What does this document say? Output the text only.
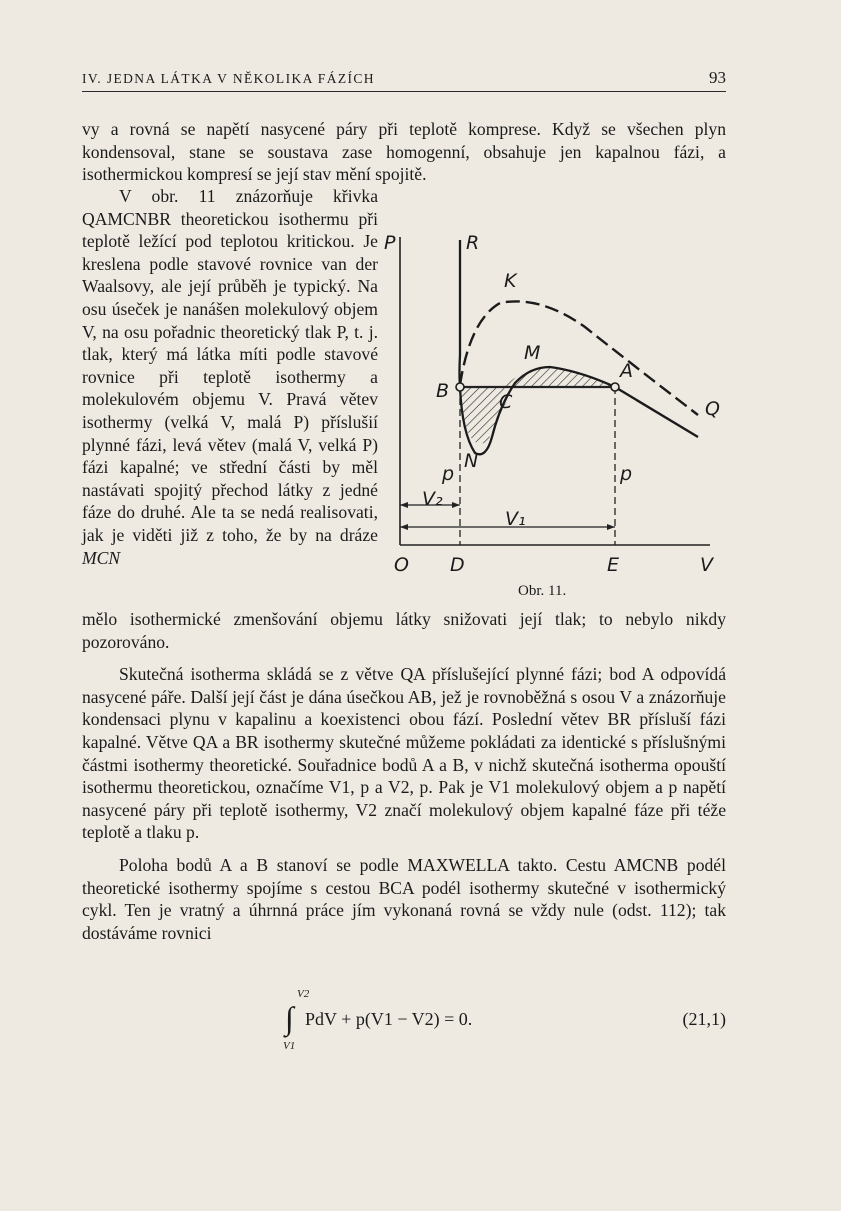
IV. JEDNA LÁTKA V NĚKOLIKA FÁZÍCH	93

vy a rovná se napětí nasycené páry při teplotě komprese. Když se všechen plyn kondensoval, stane se soustava zase homogenní, obsahuje jen kapalnou fázi, a isothermickou kompresí se její stav mění spojitě.

V obr. 11 znázorňuje křivka QAMCNBR theoretickou isothermu při teplotě ležící pod teplotou kritickou. Je kreslena podle stavové rovnice van der Waalsovy, ale její průběh je typický. Na osu úseček je nanášen molekulový objem V, na osu pořadnic theoretický tlak P, t. j. tlak, který má látka míti podle stavové rovnice při teplotě isothermy a molekulovém objemu V. Pravá větev isothermy (velká V, malá P) příslušií plynné fázi, levá větev (malá V, velká P) fázi kapalné; ve střední části by měl nastávati spojitý přechod látky z jedné fáze do druhé. Ale ta se nedá realisovati, jak je viděti již z toho, že by na dráze MCN

P	R
K
M
B	C
A
Q
N
p	p
V₂
V₁
O D	E	V
Obr. 11.

mělo isothermické zmenšování objemu látky snižovati její tlak; to nebylo nikdy pozorováno.

Skutečná isotherma skládá se z větve QA příslušející plynné fázi; bod A odpovídá nasycené páře. Další její část je dána úsečkou AB, jež je rovnoběžná s osou V a znázorňuje kondensaci plynu v kapalinu a koexistenci obou fází. Poslední větev BR přísluší fázi kapalné. Větve QA a BR isothermy skutečné můžeme pokládati za identické s příslušnými částmi isothermy theoretické. Souřadnice bodů A a B, v nichž skutečná isotherma opouští isothermu theoretickou, označíme V1, p a V2, p. Pak je V1 molekulový objem a p napětí nasycené páry při teplotě isothermy, V2 značí molekulový objem kapalné fáze při téže teplotě a tlaku p.

Poloha bodů A a B stanoví se podle MAXWELLA takto. Cestu AMCNB podél theoretické isothermy spojíme s cestou BCA podél isothermy skutečné v isothermický cykl. Ten je vratný a úhrnná práce jím vykonaná rovná se vždy nule (odst. 112); tak dostáváme rovnici

V2
∫
V1
PdV + p(V1 − V2) = 0.	(21,1)
